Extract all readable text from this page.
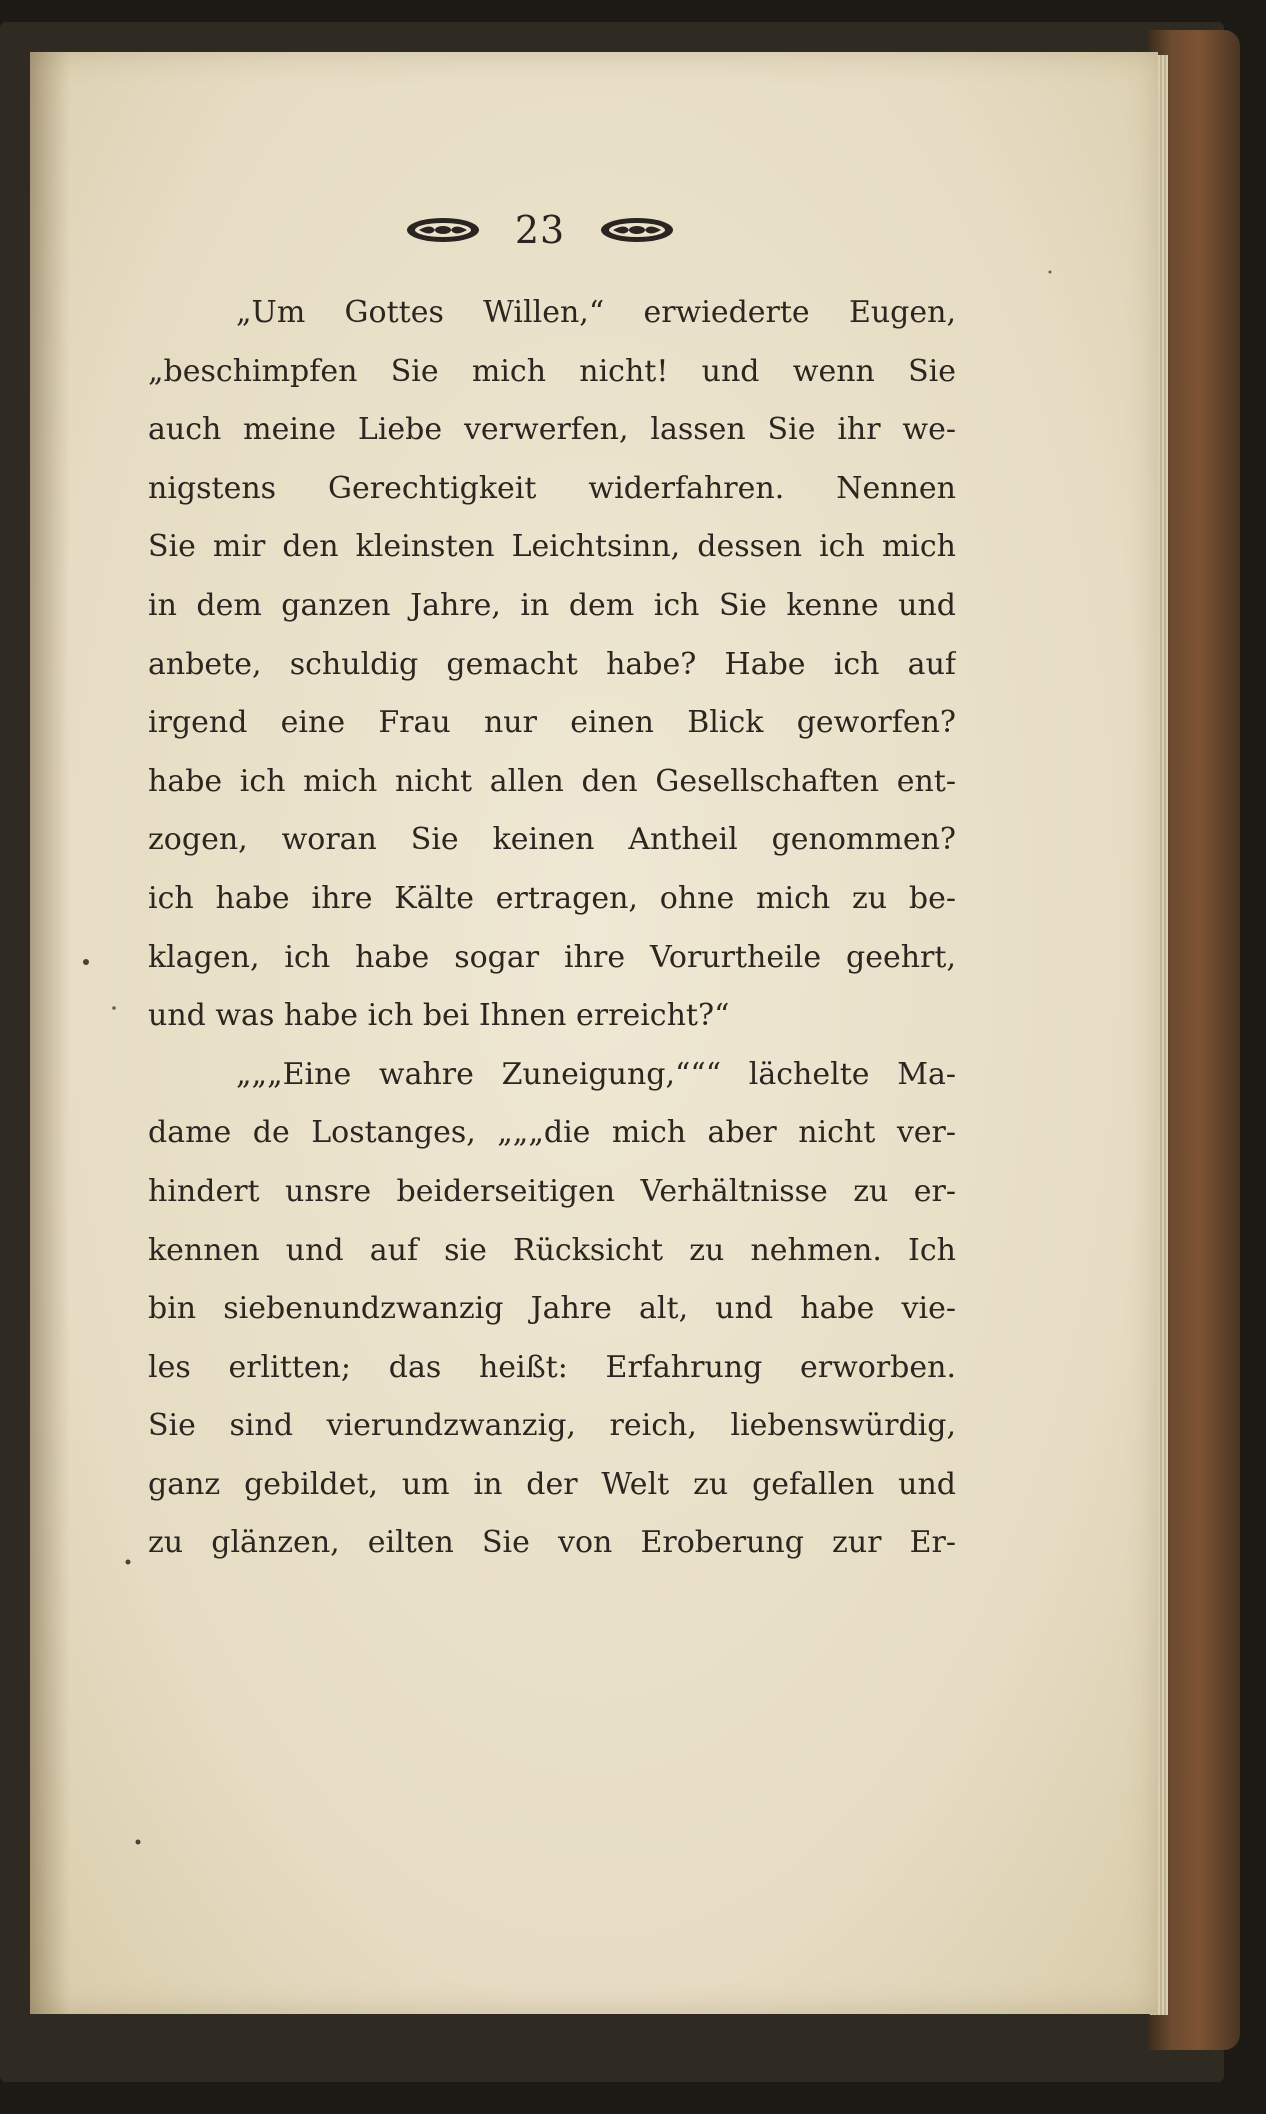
23
„Um Gottes Willen,“ erwiederte Eugen,
„beschimpfen Sie mich nicht! und wenn Sie
auch meine Liebe verwerfen, lassen Sie ihr we-
nigstens Gerechtigkeit widerfahren. Nennen
Sie mir den kleinsten Leichtsinn, dessen ich mich
in dem ganzen Jahre, in dem ich Sie kenne und
anbete, schuldig gemacht habe? Habe ich auf
irgend eine Frau nur einen Blick geworfen?
habe ich mich nicht allen den Gesellschaften ent-
zogen, woran Sie keinen Antheil genommen?
ich habe ihre Kälte ertragen, ohne mich zu be-
klagen, ich habe sogar ihre Vorurtheile geehrt,
und was habe ich bei Ihnen erreicht?“
„„„Eine wahre Zuneigung,“““ lächelte Ma-
dame de Lostanges, „„„die mich aber nicht ver-
hindert unsre beiderseitigen Verhältnisse zu er-
kennen und auf sie Rücksicht zu nehmen. Ich
bin siebenundzwanzig Jahre alt, und habe vie-
les erlitten; das heißt: Erfahrung erworben.
Sie sind vierundzwanzig, reich, liebenswürdig,
ganz gebildet, um in der Welt zu gefallen und
zu glänzen, eilten Sie von Eroberung zur Er-
